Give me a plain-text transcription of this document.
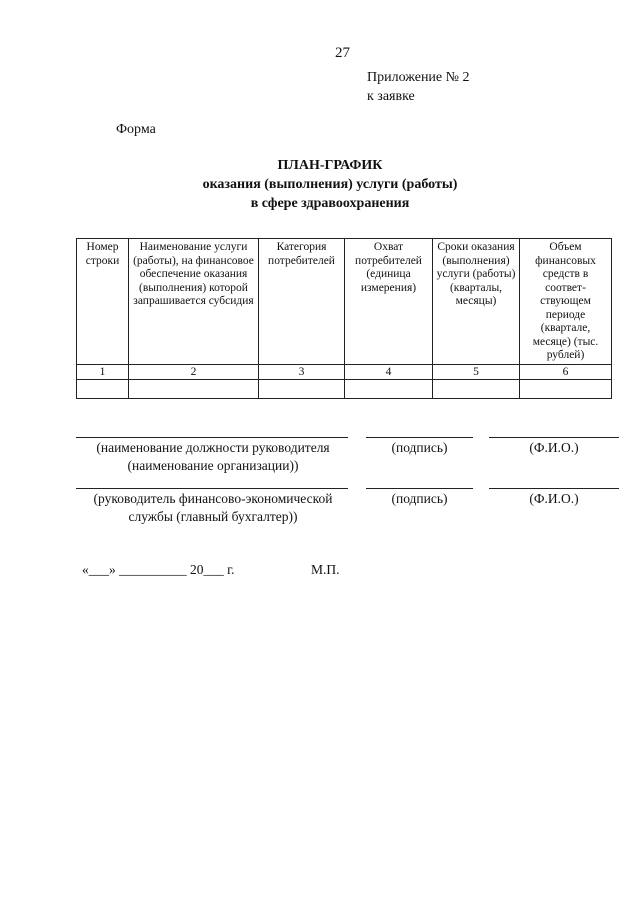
27
Приложение № 2
к заявке
Форма
ПЛАН-ГРАФИК
оказания (выполнения) услуги (работы)
в сфере здравоохранения
Номер строки	Наименование услуги (работы), на финансовое обеспечение оказания (выполнения) которой запрашивается субсидия	Категория потребителей	Охват потребителей (единица измерения)	Сроки оказания (выполнения) услуги (работы) (кварталы, месяцы)	Объем финансовых средств в соответ-ствующем периоде (квартале, месяце) (тыс. рублей)
1	2	3	4	5	6

(наименование должности руководителя
(наименование организации))
(подпись)	(Ф.И.О.)
(руководитель финансово-экономической
службы (главный бухгалтер))
(подпись)	(Ф.И.О.)
«___» __________ 20___ г.	М.П.
